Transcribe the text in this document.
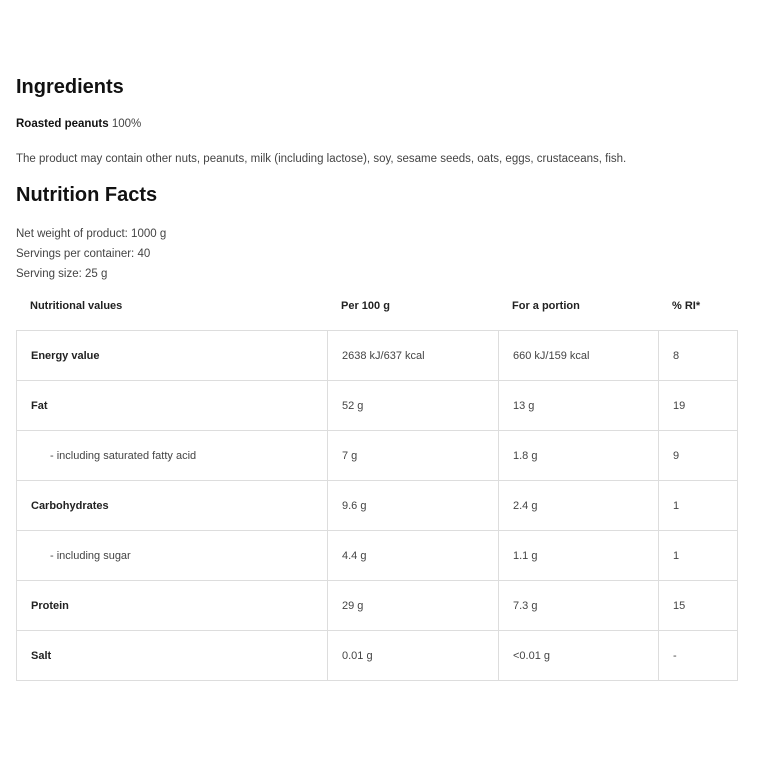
Ingredients

Roasted peanuts 100%

The product may contain other nuts, peanuts, milk (including lactose), soy, sesame seeds, oats, eggs, crustaceans, fish.

Nutrition Facts
Net weight of product: 1000 g
Servings per container: 40
Serving size: 25 g
Nutritional values	Per 100 g	For a portion	% RI*
Energy value	2638 kJ/637 kcal	660 kJ/159 kcal	8
Fat	52 g	13 g	19
- including saturated fatty acid	7 g	1.8 g	9
Carbohydrates	9.6 g	2.4 g	1
- including sugar	4.4 g	1.1 g	1
Protein	29 g	7.3 g	15
Salt	0.01 g	<0.01 g	-
